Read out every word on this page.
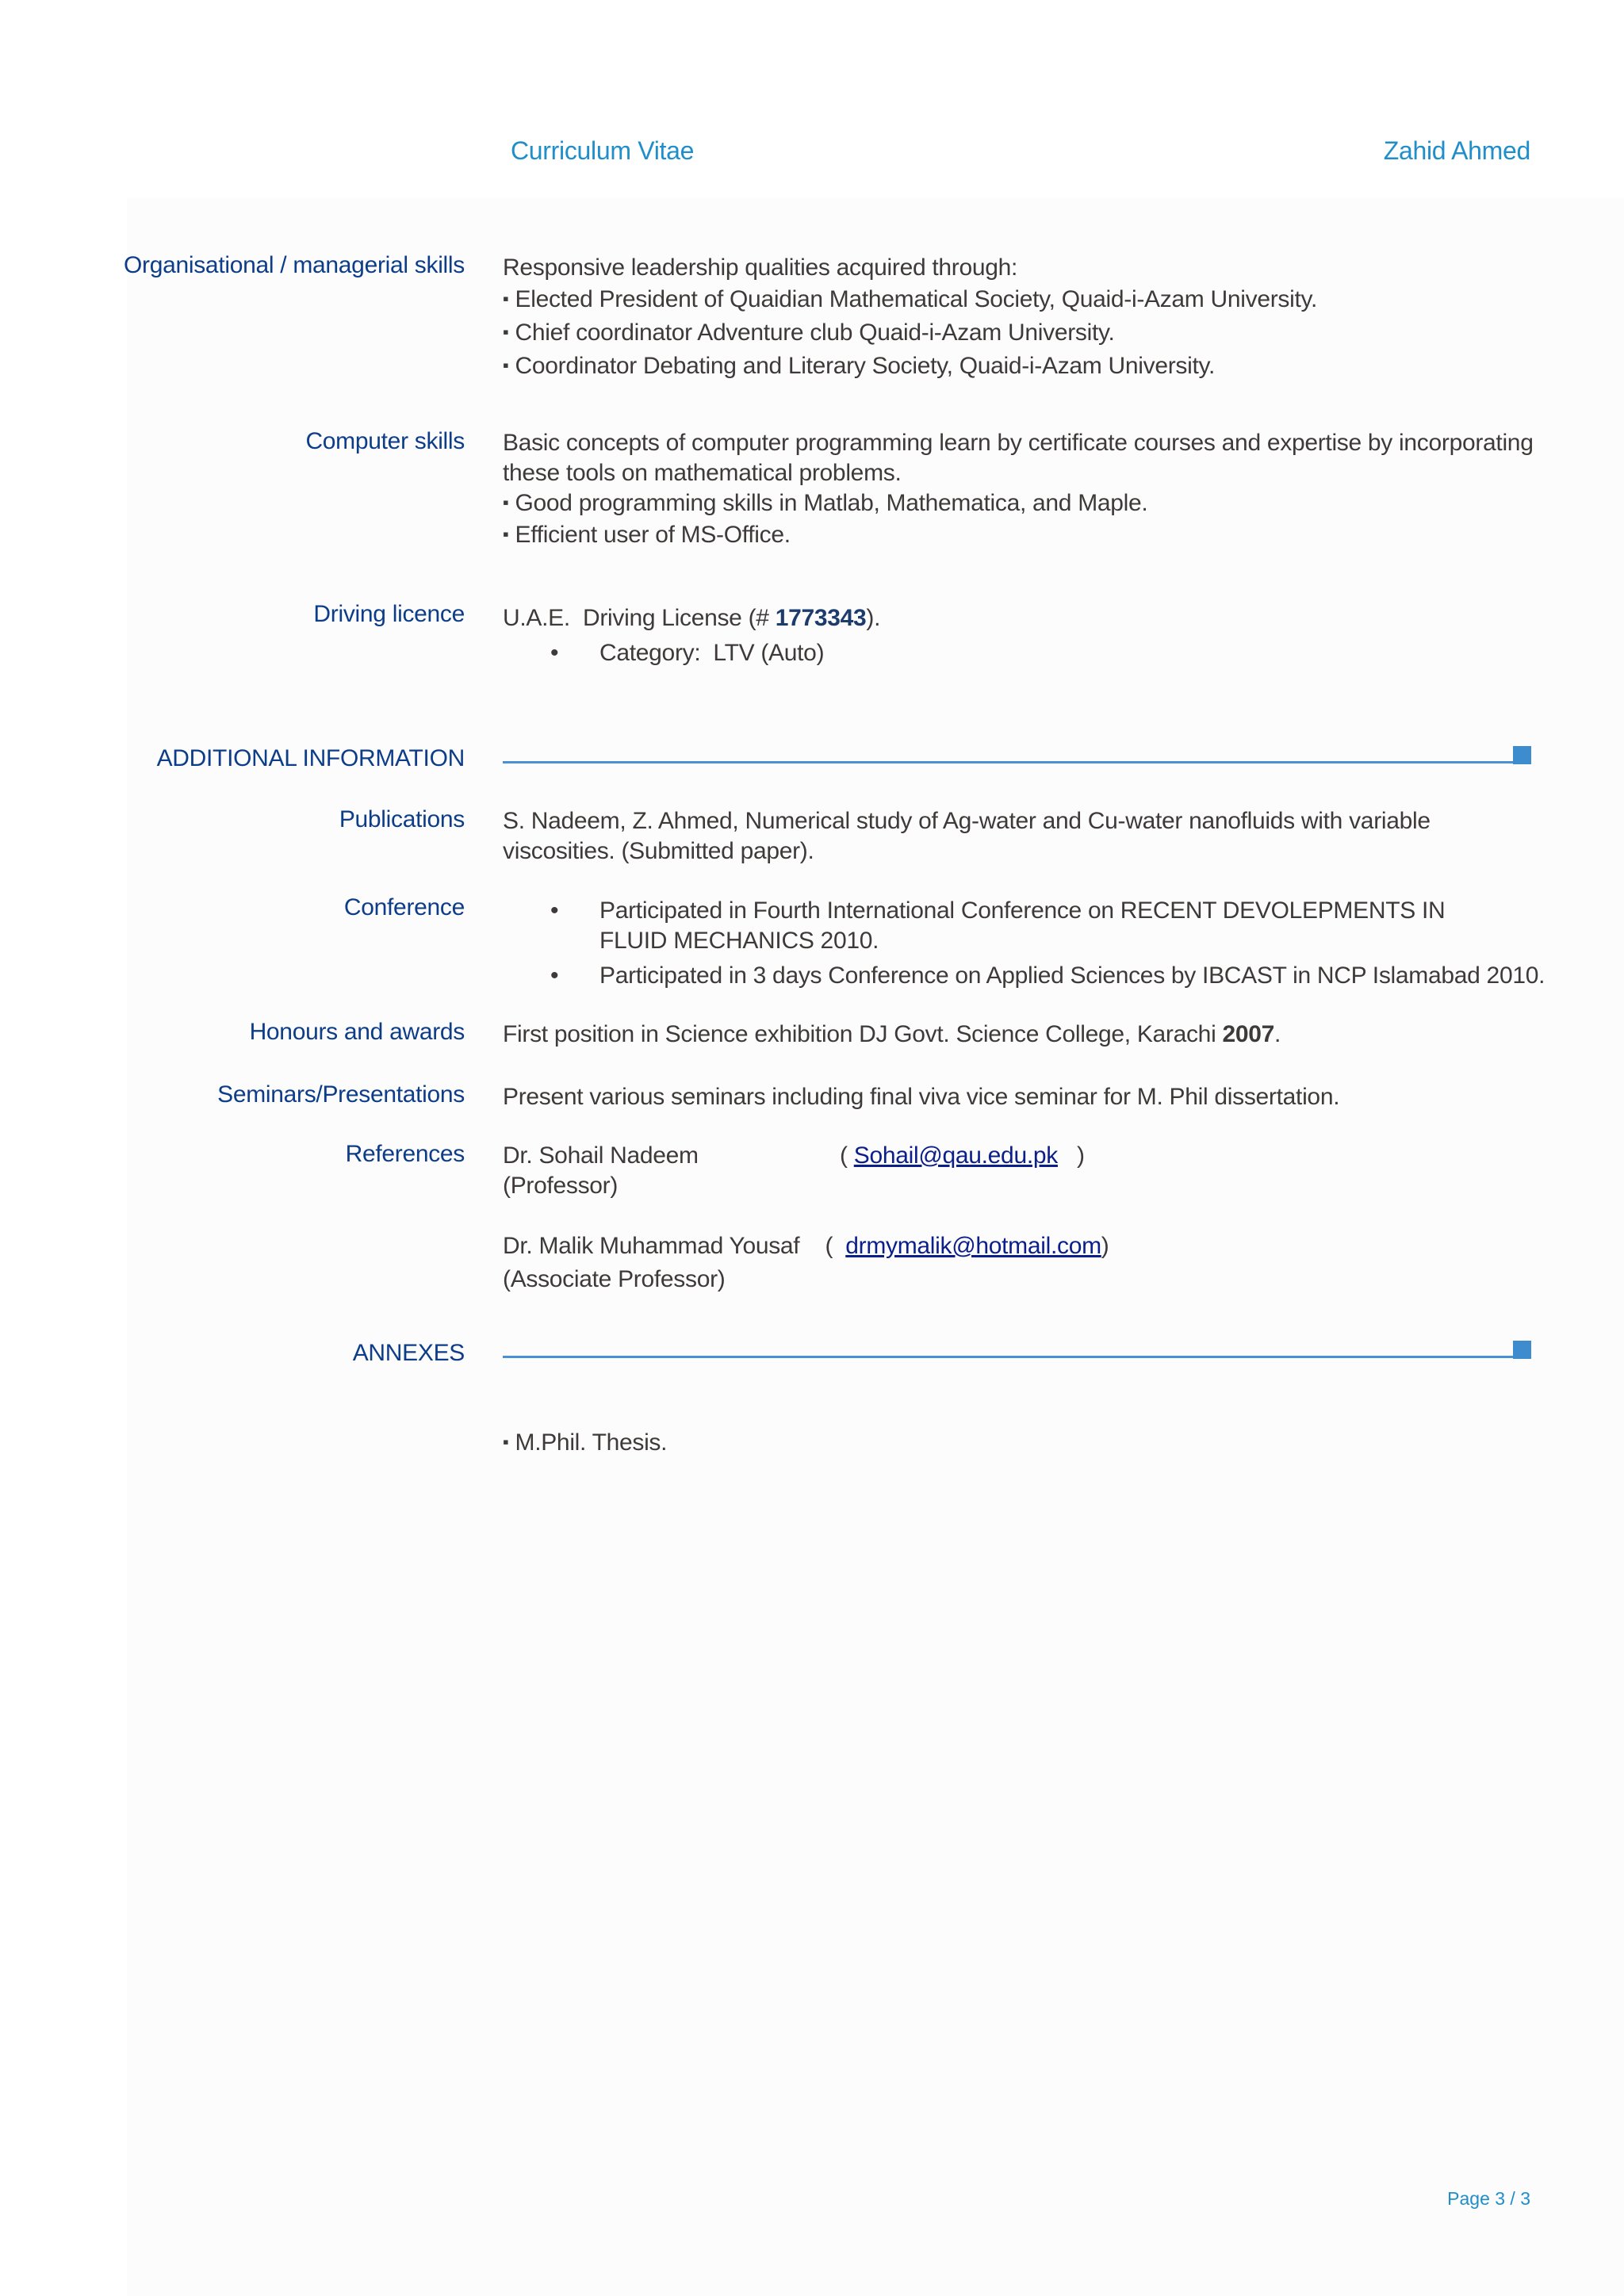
Curriculum Vitae	Zahid Ahmed
Organisational / managerial skills Responsive leadership qualities acquired through:
▪ Elected President of Quaidian Mathematical Society, Quaid-i-Azam University.
▪ Chief coordinator Adventure club Quaid-i-Azam University.
▪ Coordinator Debating and Literary Society, Quaid-i-Azam University.
Computer skills Basic concepts of computer programming learn by certificate courses and expertise by incorporating these tools on mathematical problems.
▪ Good programming skills in Matlab, Mathematica, and Maple.
▪ Efficient user of MS-Office.
Driving licence U.A.E.  Driving License (# 1773343).
• Category:  LTV (Auto)
ADDITIONAL INFORMATION
Publications S. Nadeem, Z. Ahmed, Numerical study of Ag-water and Cu-water nanofluids with variable viscosities. (Submitted paper).
Conference	• Participated in Fourth International Conference on RECENT DEVOLEPMENTS IN FLUID MECHANICS 2010.
• Participated in 3 days Conference on Applied Sciences by IBCAST in NCP Islamabad 2010.
Honours and awards First position in Science exhibition DJ Govt. Science College, Karachi 2007.
Seminars/Presentations Present various seminars including final viva vice seminar for M. Phil dissertation.
References Dr. Sohail Nadeem	( Sohail@qau.edu.pk   )
(Professor)
Dr. Malik Muhammad Yousaf (  drmymalik@hotmail.com)
(Associate Professor)
ANNEXES
▪ M.Phil. Thesis.
Page 3 / 3
